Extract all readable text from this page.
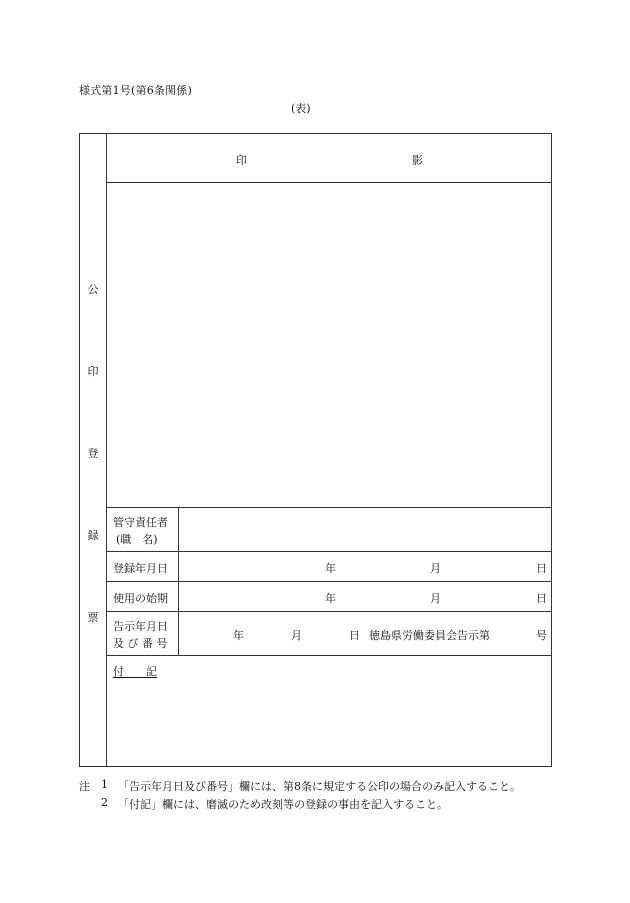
様式第1号(第6条関係)
(表)
公
印
登
録
票
印	影
管守責任者
(職　名)
登録年月日	年	月	日
使用の始期	年	月	日
告示年月日
及 び 番 号
年	月	日 徳島県労働委員会告示第	号
付　　記
注 1 「告示年月日及び番号」欄には、第8条に規定する公印の場合のみ記入すること。
2 「付記」欄には、磨滅のため改刻等の登録の事由を記入すること。
